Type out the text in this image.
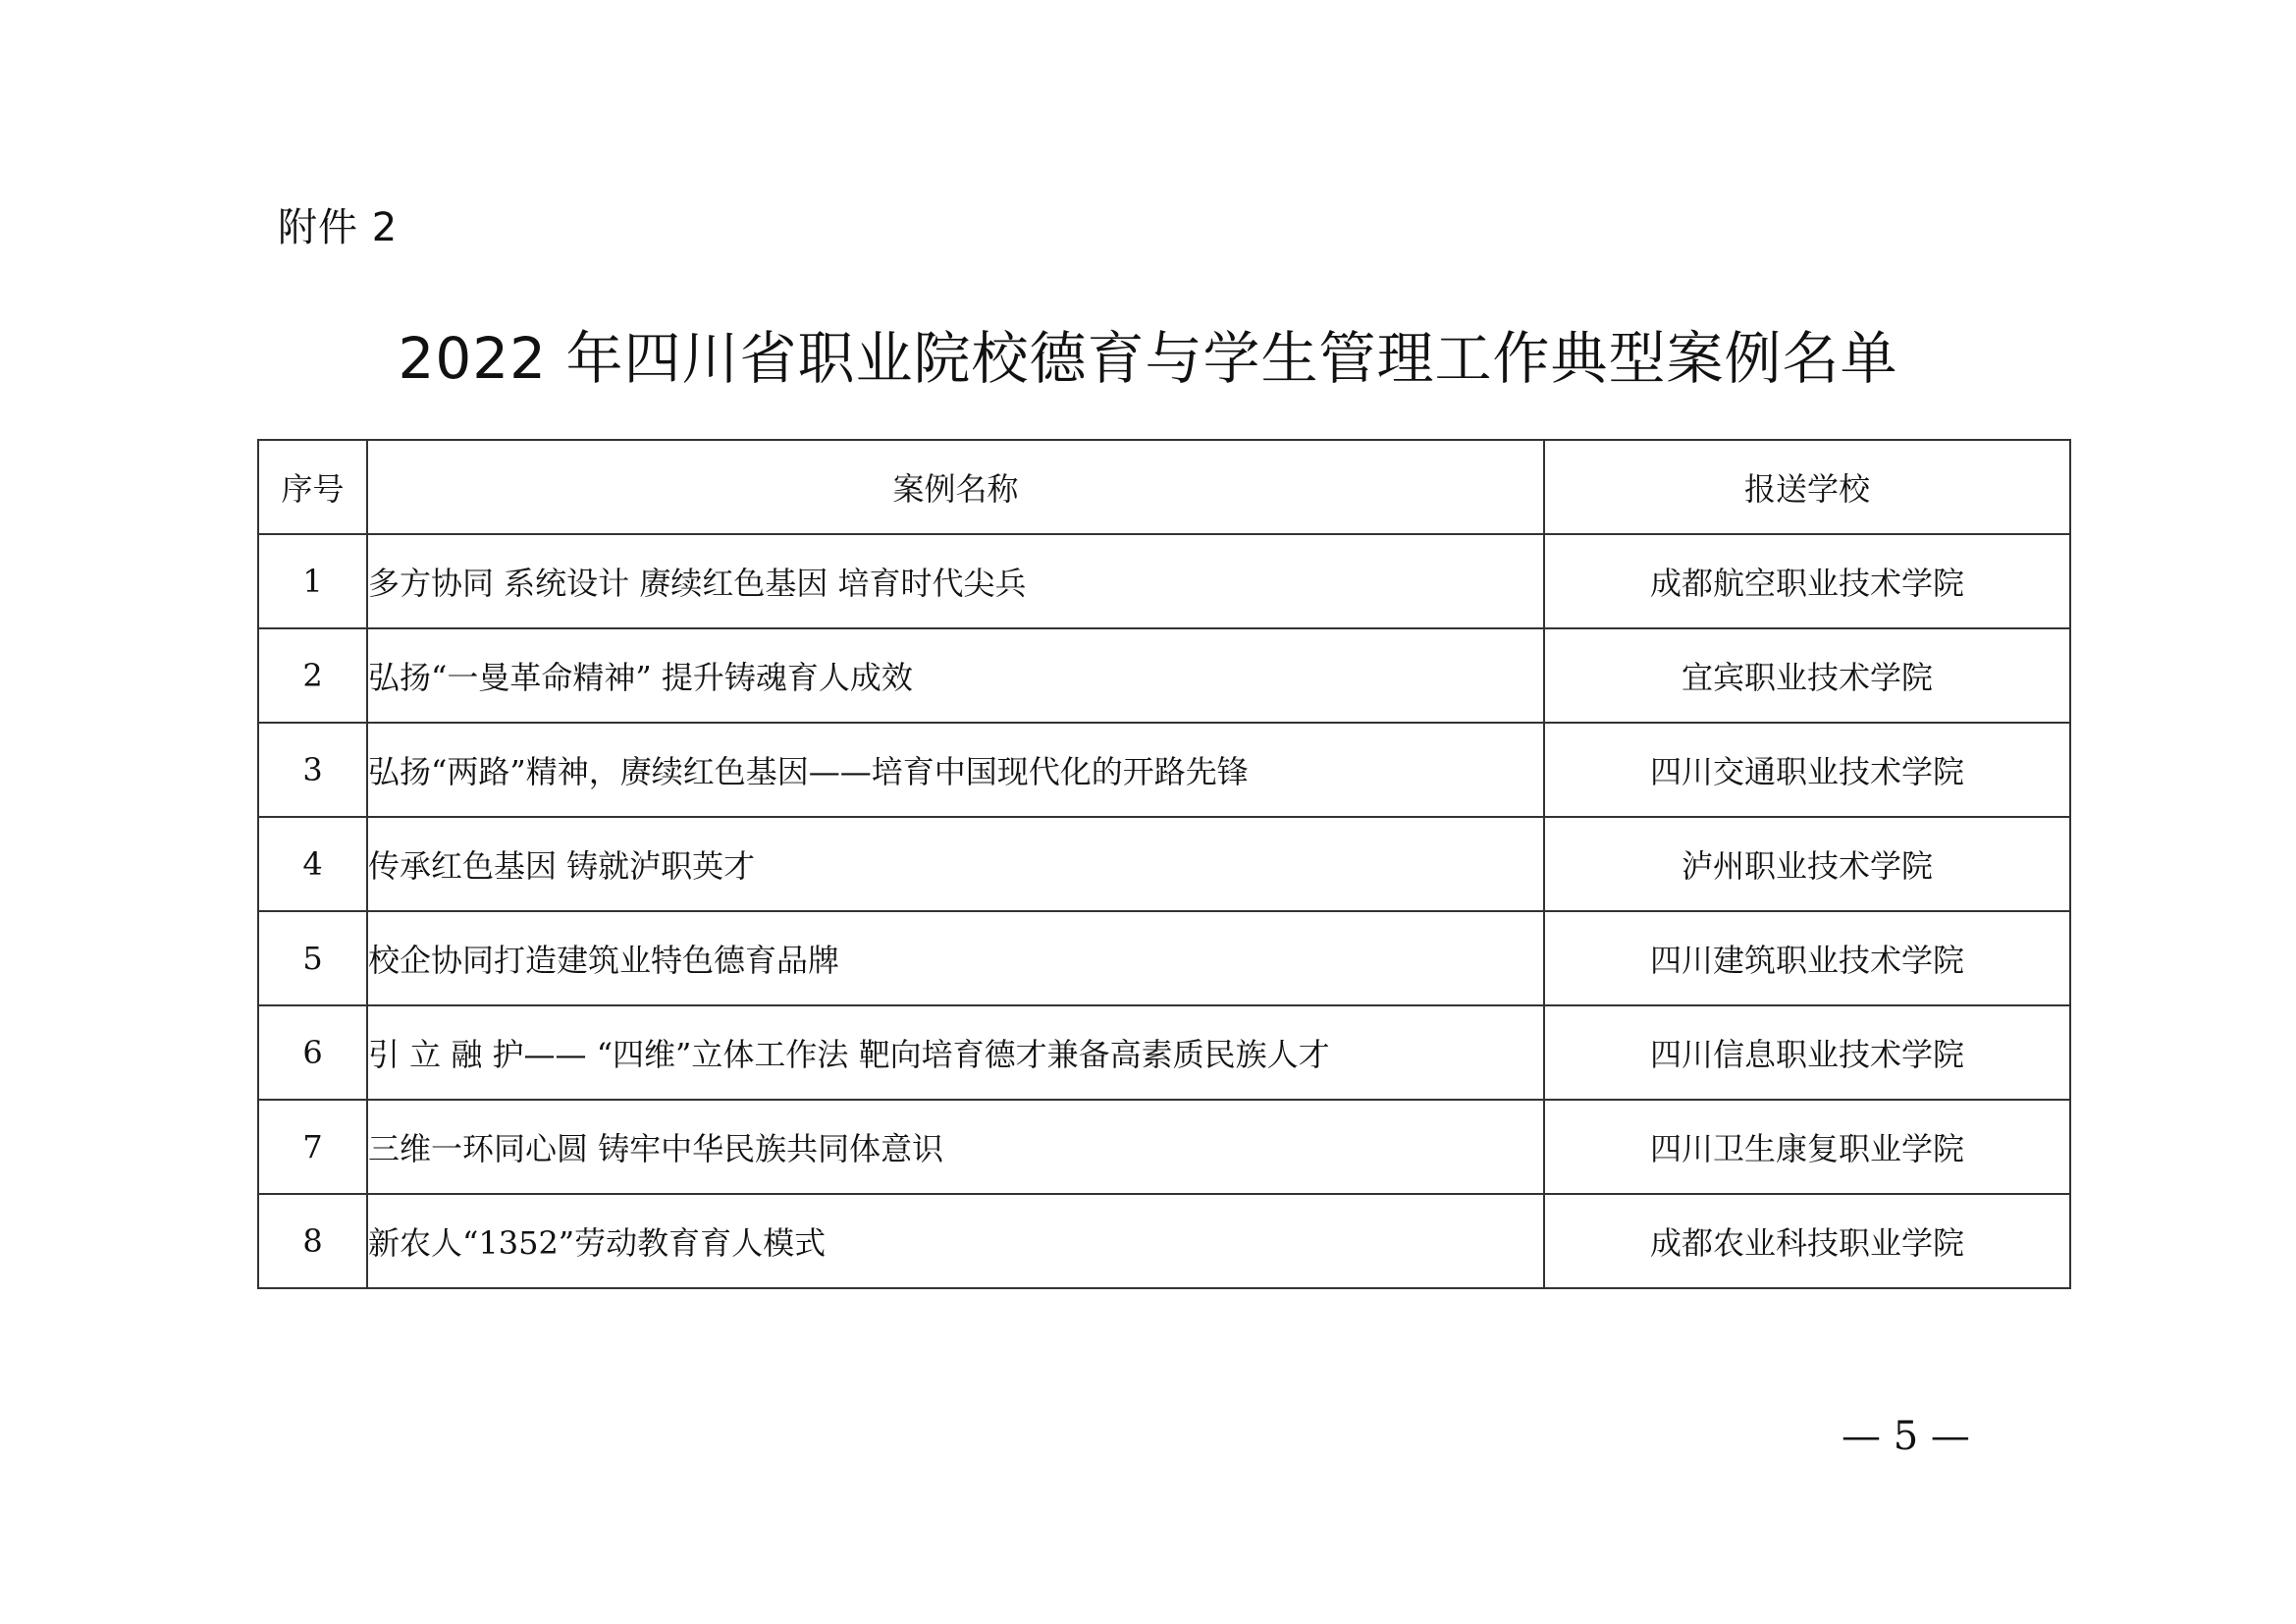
附件 2
2022 年四川省职业院校德育与学生管理工作典型案例名单
序号	案例名称	报送学校
1	多方协同 系统设计 赓续红色基因 培育时代尖兵	成都航空职业技术学院
2	弘扬“一曼革命精神” 提升铸魂育人成效	宜宾职业技术学院
3	弘扬“两路”精神，赓续红色基因——培育中国现代化的开路先锋	四川交通职业技术学院
4	传承红色基因 铸就泸职英才	泸州职业技术学院
5	校企协同打造建筑业特色德育品牌	四川建筑职业技术学院
6	引 立 融 护—— “四维”立体工作法 靶向培育德才兼备高素质民族人才	四川信息职业技术学院
7	三维一环同心圆 铸牢中华民族共同体意识	四川卫生康复职业学院
8	新农人“1352”劳动教育育人模式	成都农业科技职业学院
— 5 —
